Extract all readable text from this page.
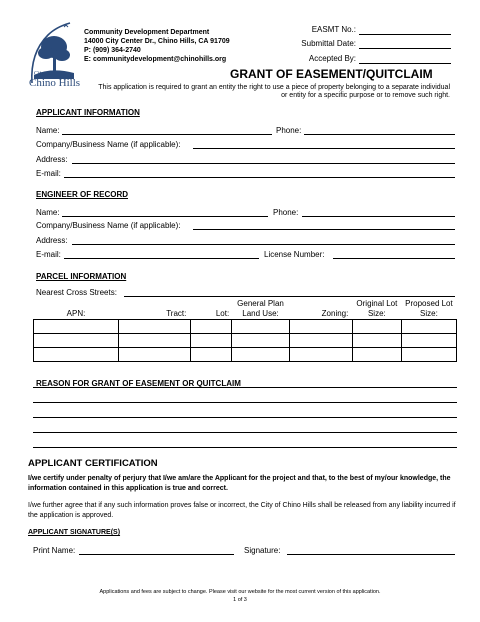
City of
Chino Hills
Community Development Department
14000 City Center Dr., Chino Hills, CA 91709
P: (909) 364-2740
E: communitydevelopment@chinohills.org
EASMT No.:
Submittal Date:
Accepted By:
GRANT OF EASEMENT/QUITCLAIM
This application is required to grant an entity the right to use a piece of property belonging to a separate individual
or entity for a specific purpose or to remove such right.
APPLICANT INFORMATION
Name:	Phone:
Company/Business Name (if applicable):
Address:
E-mail:
ENGINEER OF RECORD
Name:	Phone:
Company/Business Name (if applicable):
Address:
E-mail:	License Number:
PARCEL INFORMATION
Nearest Cross Streets:
APN:	Tract:	Lot:	General Plan Land Use:	Zoning:	Original Lot Size:	Proposed Lot Size:

REASON FOR GRANT OF EASEMENT OR QUITCLAIM
APPLICANT CERTIFICATION
I/we certify under penalty of perjury that I/we am/are the Applicant for the project and that, to the best of my/our knowledge, the information contained in this application is true and correct.
I/we further agree that if any such information proves false or incorrect, the City of Chino Hills shall be released from any liability incurred if the application is approved.
APPLICANT SIGNATURE(S)
Print Name:	Signature:
Applications and fees are subject to change. Please visit our website for the most current version of this application.
1 of 3
